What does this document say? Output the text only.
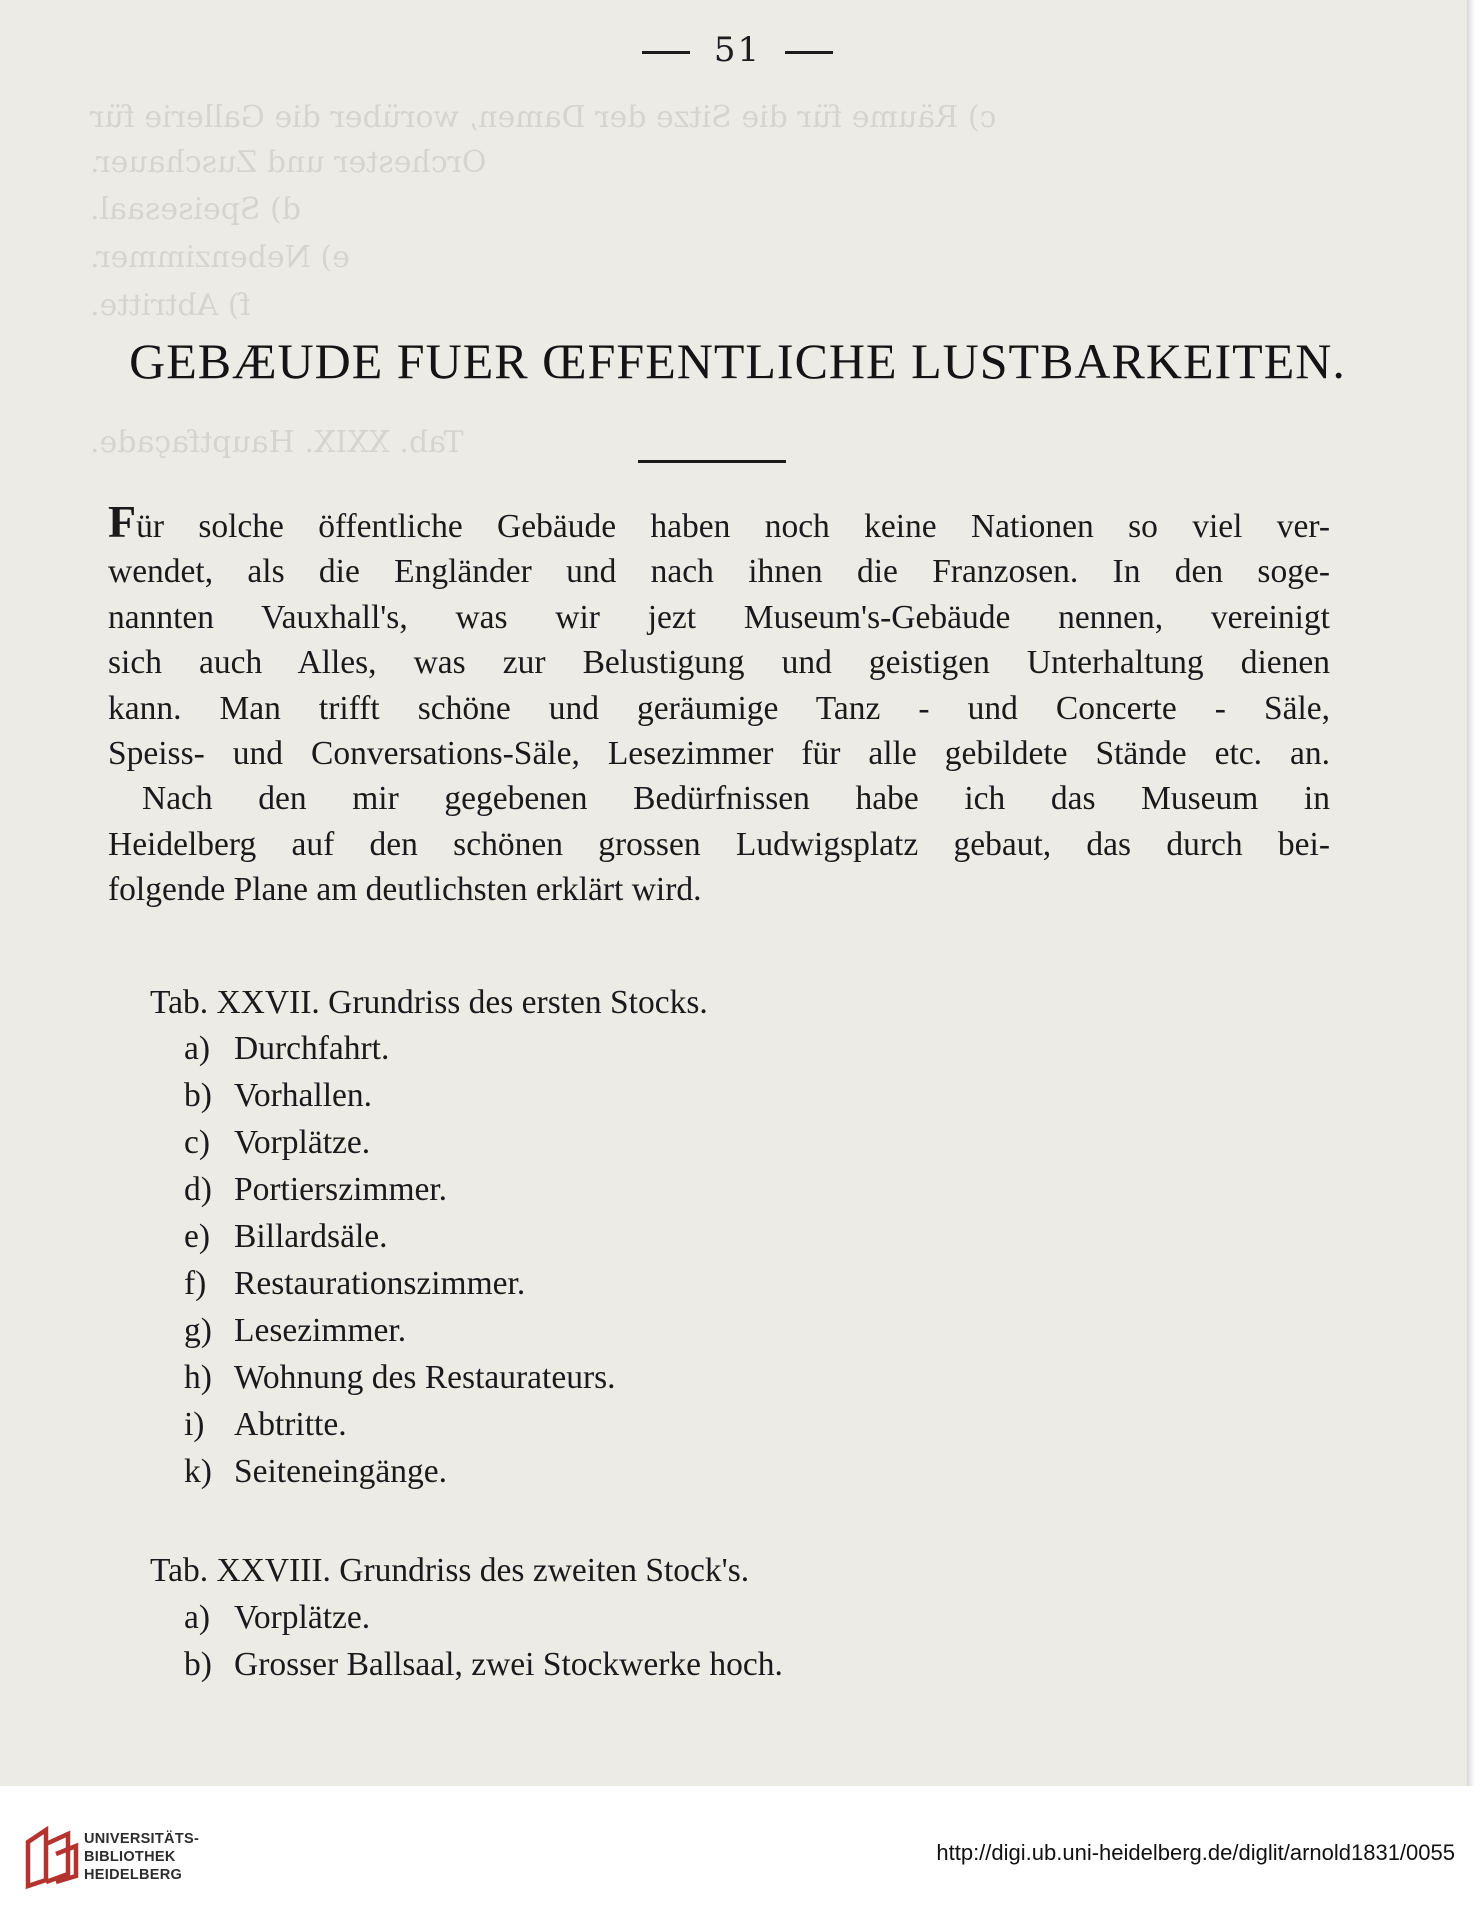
c) Räume für die Sitze der Damen, worüber die Gallerie für
Orchester und Zuschauer.
d) Speisesaal.
e) Nebenzimmer.
f) Abtritte.
Tab. XXIX. Hauptfaçade.
51
GEBÆUDE FUER ŒFFENTLICHE LUSTBARKEITEN.
Für solche öffentliche Gebäude haben noch keine Nationen so viel ver-
wendet, als die Engländer und nach ihnen die Franzosen. In den soge-
nannten Vauxhall's, was wir jezt Museum's-Gebäude nennen, vereinigt
sich auch Alles, was zur Belustigung und geistigen Unterhaltung dienen
kann. Man trifft schöne und geräumige Tanz - und Concerte - Säle,
Speiss- und Conversations-Säle, Lesezimmer für alle gebildete Stände etc. an.
Nach den mir gegebenen Bedürfnissen habe ich das Museum in
Heidelberg auf den schönen grossen Ludwigsplatz gebaut, das durch bei-
folgende Plane am deutlichsten erklärt wird.
Tab. XXVII. Grundriss des ersten Stocks.
a) Durchfahrt.
b) Vorhallen.
c) Vorplätze.
d) Portierszimmer.
e) Billardsäle.
f) Restaurationszimmer.
g) Lesezimmer.
h) Wohnung des Restaurateurs.
i) Abtritte.
k) Seiteneingänge.
Tab. XXVIII. Grundriss des zweiten Stock's.
a) Vorplätze.
b) Grosser Ballsaal, zwei Stockwerke hoch.
UNIVERSITÄTS-
BIBLIOTHEK
HEIDELBERG
http://digi.ub.uni-heidelberg.de/diglit/arnold1831/0055
